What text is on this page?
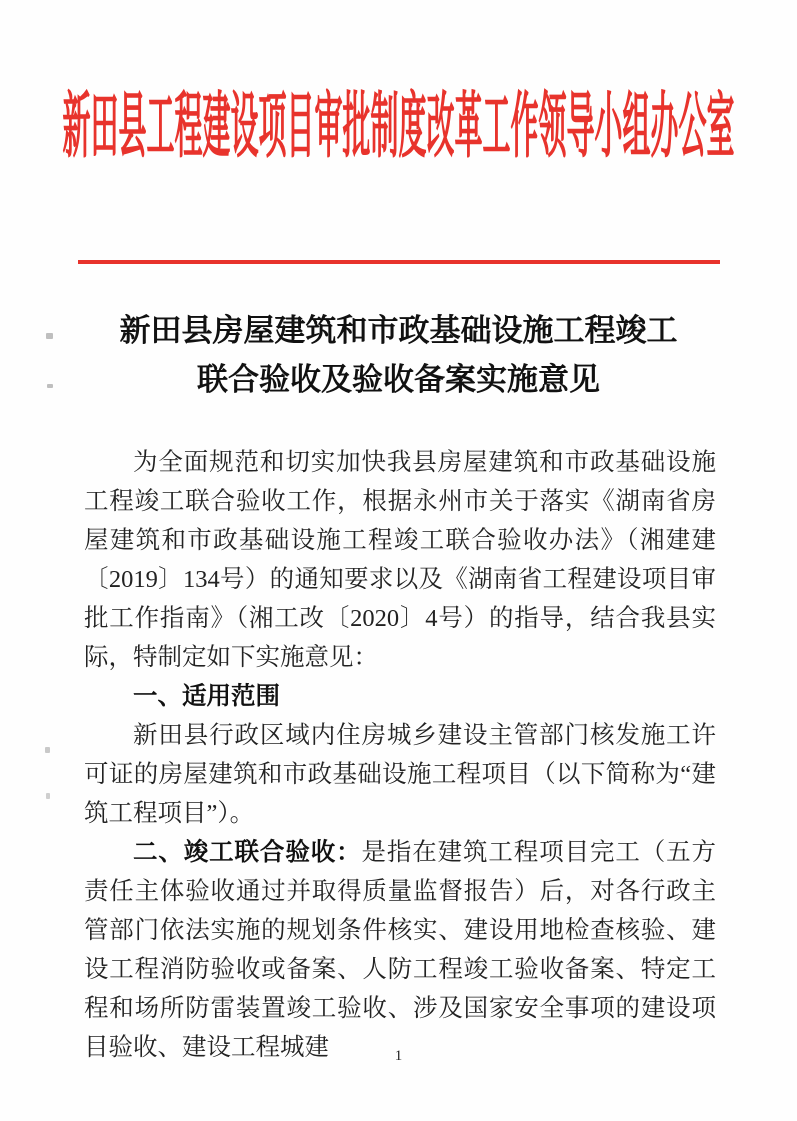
新田县工程建设项目审批制度改革工作领导小组办公室
新田县房屋建筑和市政基础设施工程竣工
联合验收及验收备案实施意见

为全面规范和切实加快我县房屋建筑和市政基础设施工程竣工联合验收工作，根据永州市关于落实《湖南省房屋建筑和市政基础设施工程竣工联合验收办法》（湘建建〔2019〕134号）的通知要求以及《湖南省工程建设项目审批工作指南》（湘工改〔2020〕4号）的指导，结合我县实际，特制定如下实施意见：

一、适用范围

新田县行政区域内住房城乡建设主管部门核发施工许可证的房屋建筑和市政基础设施工程项目（以下简称为“建筑工程项目”）。

二、竣工联合验收：是指在建筑工程项目完工（五方责任主体验收通过并取得质量监督报告）后，对各行政主管部门依法实施的规划条件核实、建设用地检查核验、建设工程消防验收或备案、人防工程竣工验收备案、特定工程和场所防雷装置竣工验收、涉及国家安全事项的建设项目验收、建设工程城建	1
